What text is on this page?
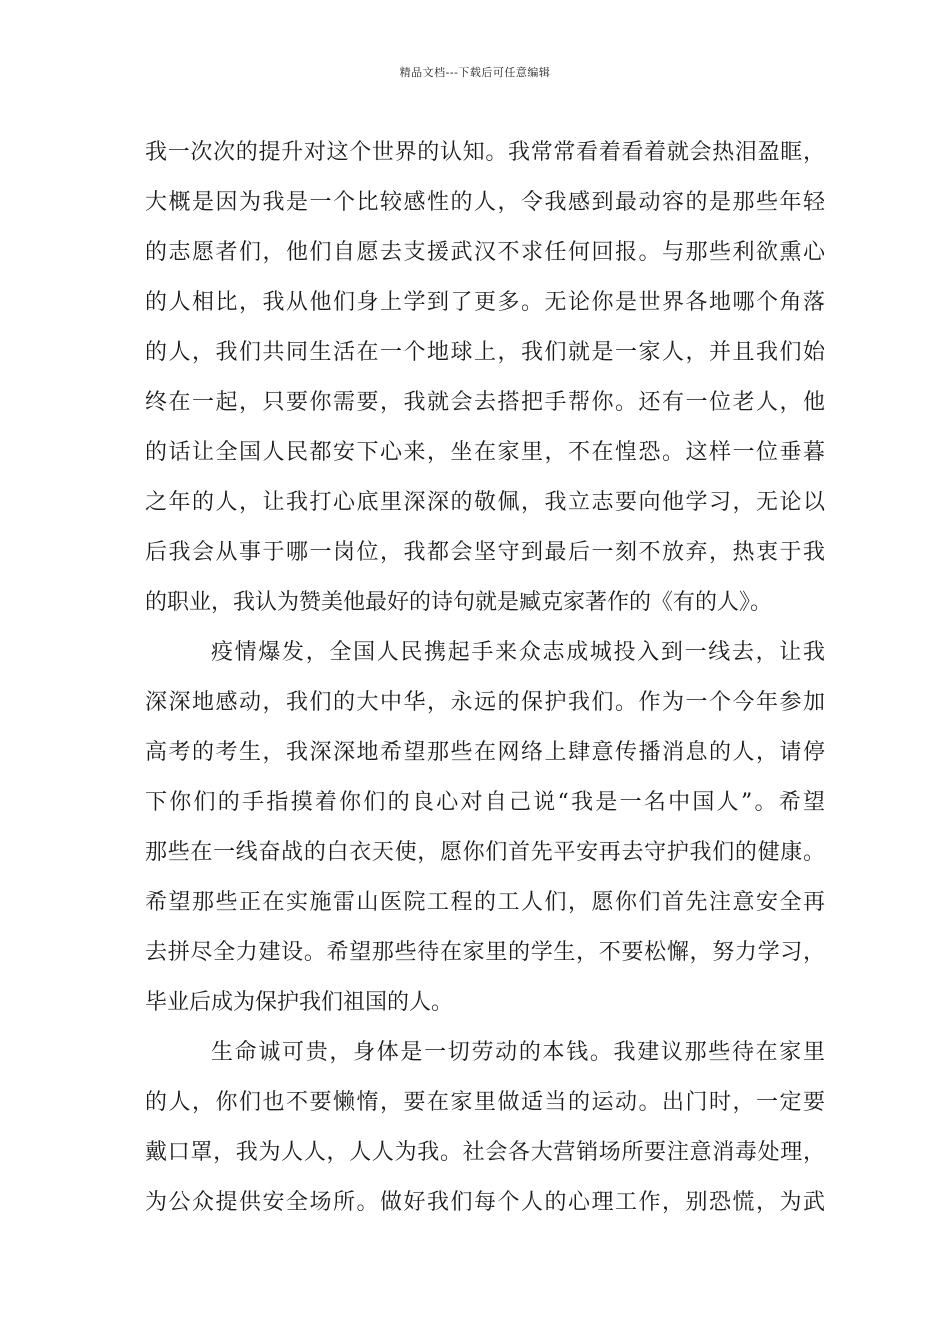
精品文档---下载后可任意编辑
我一次次的提升对这个世界的认知。我常常看着看着就会热泪盈眶，
大概是因为我是一个比较感性的人，令我感到最动容的是那些年轻
的志愿者们，他们自愿去支援武汉不求任何回报。与那些利欲熏心
的人相比，我从他们身上学到了更多。无论你是世界各地哪个角落
的人，我们共同生活在一个地球上，我们就是一家人，并且我们始
终在一起，只要你需要，我就会去搭把手帮你。还有一位老人，他
的话让全国人民都安下心来，坐在家里，不在惶恐。这样一位垂暮
之年的人，让我打心底里深深的敬佩，我立志要向他学习，无论以
后我会从事于哪一岗位，我都会坚守到最后一刻不放弃，热衷于我
的职业，我认为赞美他最好的诗句就是臧克家著作的《有的人》。
疫情爆发，全国人民携起手来众志成城投入到一线去，让我
深深地感动，我们的大中华，永远的保护我们。作为一个今年参加
高考的考生，我深深地希望那些在网络上肆意传播消息的人，请停
下你们的手指摸着你们的良心对自己说“我是一名中国人”。希望
那些在一线奋战的白衣天使，愿你们首先平安再去守护我们的健康。
希望那些正在实施雷山医院工程的工人们，愿你们首先注意安全再
去拼尽全力建设。希望那些待在家里的学生，不要松懈，努力学习，
毕业后成为保护我们祖国的人。
生命诚可贵，身体是一切劳动的本钱。我建议那些待在家里
的人，你们也不要懒惰，要在家里做适当的运动。出门时，一定要
戴口罩，我为人人，人人为我。社会各大营销场所要注意消毒处理，
为公众提供安全场所。做好我们每个人的心理工作，别恐慌，为武
